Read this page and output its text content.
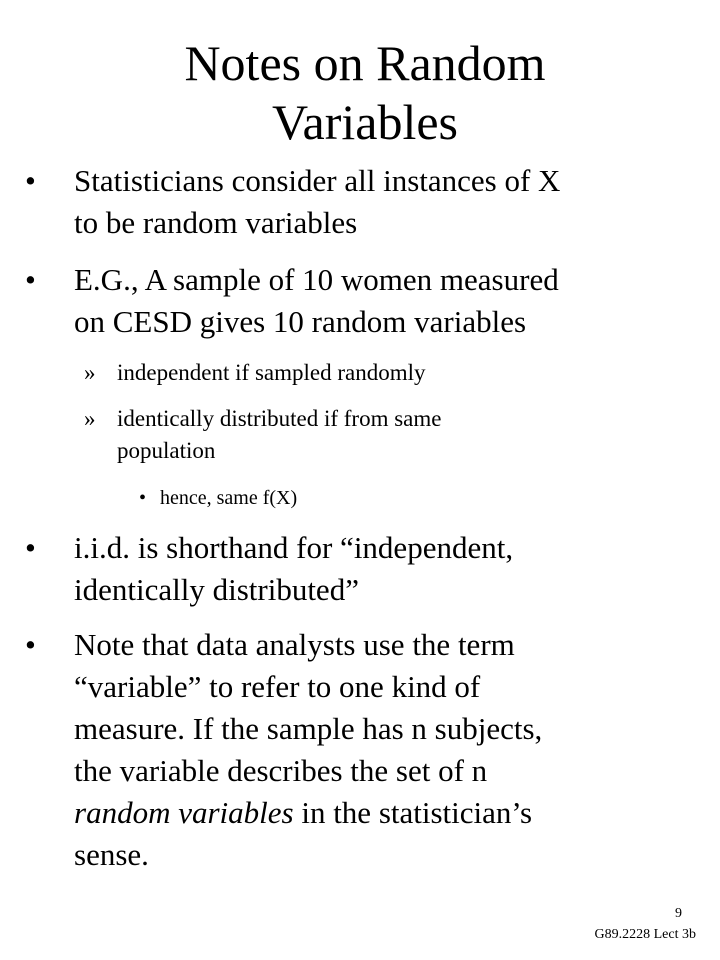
Notes on Random
Variables
• Statisticians consider all instances of X
to be random variables
• E.G., A sample of 10 women measured
on CESD gives 10 random variables
» independent if sampled randomly
» identically distributed if from same
population
• hence, same f(X)
• i.i.d. is shorthand for “independent,
identically distributed”
• Note that data analysts use the term
“variable” to refer to one kind of
measure. If the sample has n subjects,
the variable describes the set of n
random variables in the statistician’s
sense.
9
G89.2228 Lect 3b
